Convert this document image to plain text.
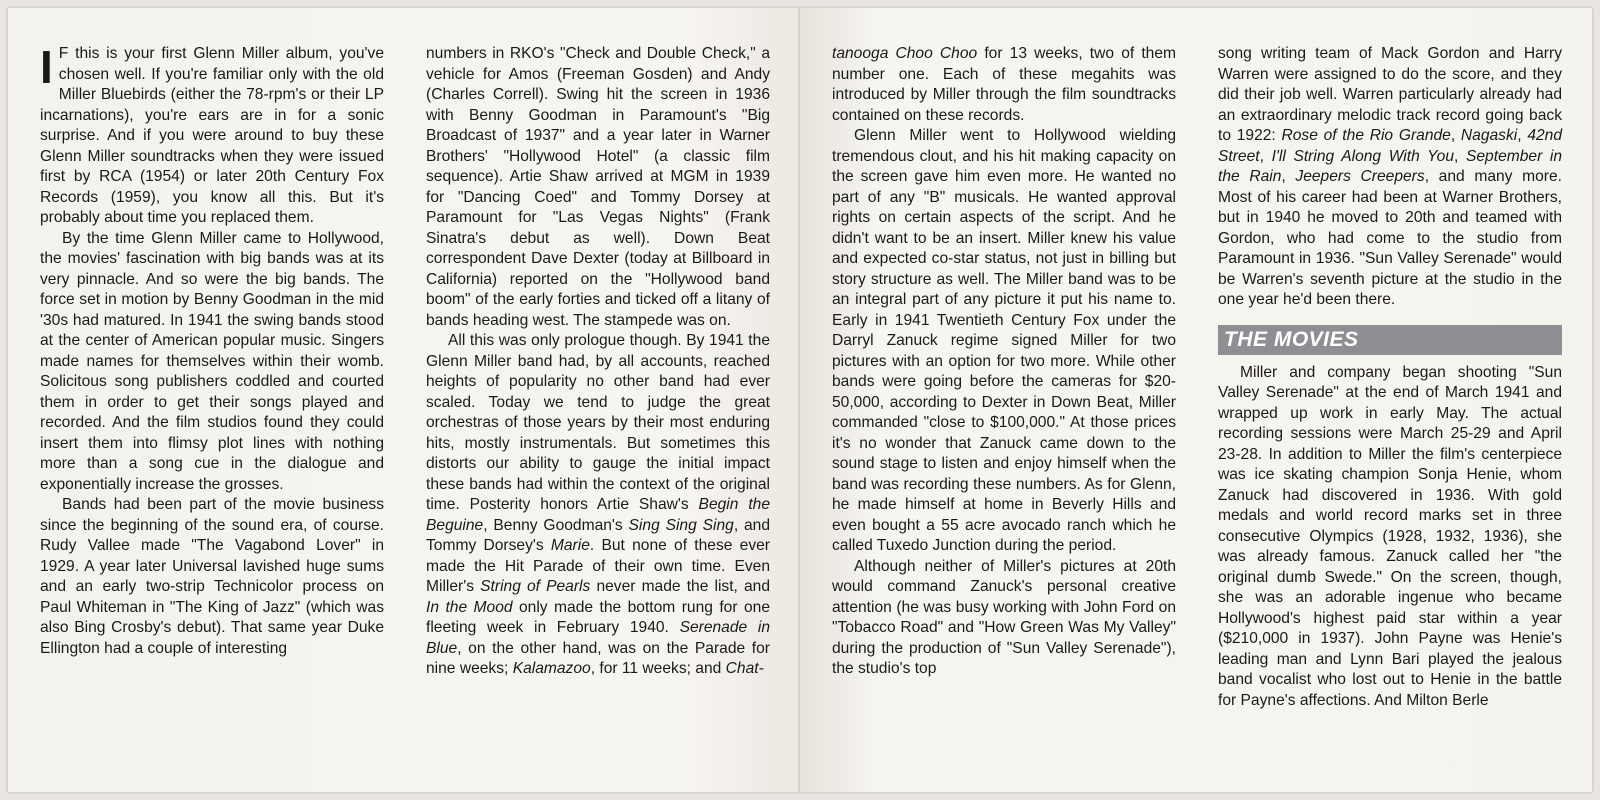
I F this is your first Glenn Miller album, you've chosen well. If you're familiar only with the old Miller Bluebirds (either the 78-rpm's or their LP incarnations), you're ears are in for a sonic surprise. And if you were around to buy these Glenn Miller soundtracks when they were issued first by RCA (1954) or later 20th Century Fox Records (1959), you know all this. But it's probably about time you replaced them.

By the time Glenn Miller came to Hollywood, the movies' fascination with big bands was at its very pinnacle. And so were the big bands. The force set in motion by Benny Goodman in the mid '30s had matured. In 1941 the swing bands stood at the center of American popular music. Singers made names for themselves within their womb. Solicitous song publishers coddled and courted them in order to get their songs played and recorded. And the film studios found they could insert them into flimsy plot lines with nothing more than a song cue in the dialogue and exponentially increase the grosses.

Bands had been part of the movie business since the beginning of the sound era, of course. Rudy Vallee made "The Vagabond Lover" in 1929. A year later Universal lavished huge sums and an early two-strip Technicolor process on Paul Whiteman in "The King of Jazz" (which was also Bing Crosby's debut). That same year Duke Ellington had a couple of interesting

numbers in RKO's "Check and Double Check," a vehicle for Amos (Freeman Gosden) and Andy (Charles Correll). Swing hit the screen in 1936 with Benny Goodman in Paramount's "Big Broadcast of 1937" and a year later in Warner Brothers' "Hollywood Hotel" (a classic film sequence). Artie Shaw arrived at MGM in 1939 for "Dancing Coed" and Tommy Dorsey at Paramount for "Las Vegas Nights" (Frank Sinatra's debut as well). Down Beat correspondent Dave Dexter (today at Billboard in California) reported on the "Hollywood band boom" of the early forties and ticked off a litany of bands heading west. The stampede was on.

All this was only prologue though. By 1941 the Glenn Miller band had, by all accounts, reached heights of popularity no other band had ever scaled. Today we tend to judge the great orchestras of those years by their most enduring hits, mostly instrumentals. But sometimes this distorts our ability to gauge the initial impact these bands had within the context of the original time. Posterity honors Artie Shaw's Begin the Beguine, Benny Goodman's Sing Sing Sing, and Tommy Dorsey's Marie. But none of these ever made the Hit Parade of their own time. Even Miller's String of Pearls never made the list, and In the Mood only made the bottom rung for one fleeting week in February 1940. Serenade in Blue, on the other hand, was on the Parade for nine weeks; Kalamazoo, for 11 weeks; and Chat-

tanooga Choo Choo for 13 weeks, two of them number one. Each of these megahits was introduced by Miller through the film soundtracks contained on these records.

Glenn Miller went to Hollywood wielding tremendous clout, and his hit making capacity on the screen gave him even more. He wanted no part of any "B" musicals. He wanted approval rights on certain aspects of the script. And he didn't want to be an insert. Miller knew his value and expected co-star status, not just in billing but story structure as well. The Miller band was to be an integral part of any picture it put his name to. Early in 1941 Twentieth Century Fox under the Darryl Zanuck regime signed Miller for two pictures with an option for two more. While other bands were going before the cameras for $20-50,000, according to Dexter in Down Beat, Miller commanded "close to $100,000." At those prices it's no wonder that Zanuck came down to the sound stage to listen and enjoy himself when the band was recording these numbers. As for Glenn, he made himself at home in Beverly Hills and even bought a 55 acre avocado ranch which he called Tuxedo Junction during the period.

Although neither of Miller's pictures at 20th would command Zanuck's personal creative attention (he was busy working with John Ford on "Tobacco Road" and "How Green Was My Valley" during the production of "Sun Valley Serenade"), the studio's top

song writing team of Mack Gordon and Harry Warren were assigned to do the score, and they did their job well. Warren particularly already had an extraordinary melodic track record going back to 1922: Rose of the Rio Grande, Nagaski, 42nd Street, I'll String Along With You, September in the Rain, Jeepers Creepers, and many more. Most of his career had been at Warner Brothers, but in 1940 he moved to 20th and teamed with Gordon, who had come to the studio from Paramount in 1936. "Sun Valley Serenade" would be Warren's seventh picture at the studio in the one year he'd been there.

THE MOVIES

Miller and company began shooting "Sun Valley Serenade" at the end of March 1941 and wrapped up work in early May. The actual recording sessions were March 25-29 and April 23-28. In addition to Miller the film's centerpiece was ice skating champion Sonja Henie, whom Zanuck had discovered in 1936. With gold medals and world record marks set in three consecutive Olympics (1928, 1932, 1936), she was already famous. Zanuck called her "the original dumb Swede." On the screen, though, she was an adorable ingenue who became Hollywood's highest paid star within a year ($210,000 in 1937). John Payne was Henie's leading man and Lynn Bari played the jealous band vocalist who lost out to Henie in the battle for Payne's affections. And Milton Berle
